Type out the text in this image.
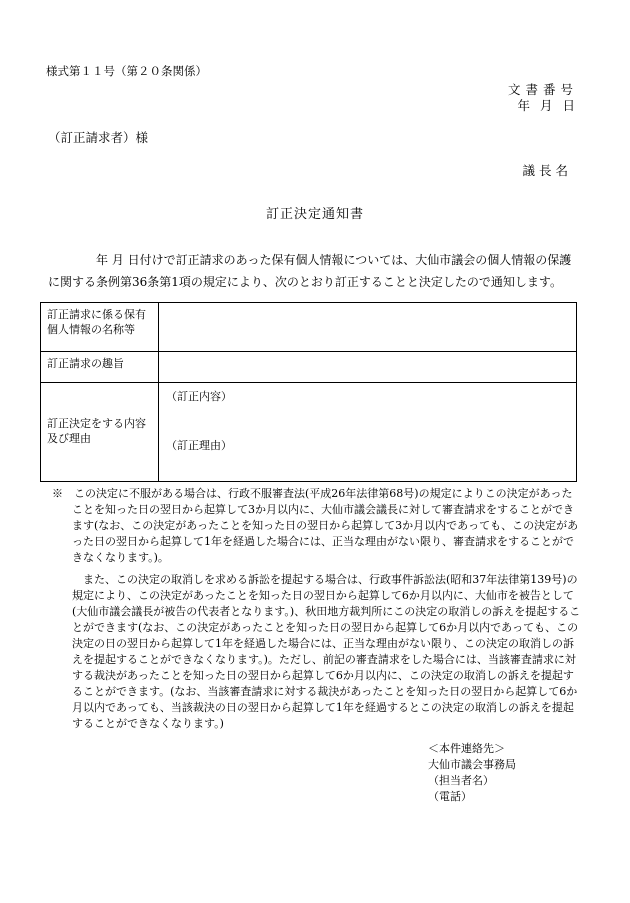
様式第１１号（第２０条関係）
文書番号
年 月 日
（訂正請求者）様
議長名
訂正決定通知書
年 月 日付けで訂正請求のあった保有個人情報については、大仙市議会の個人情報の保護に関する条例第36条第1項の規定により、次のとおり訂正することと決定したので通知します。
訂正請求に係る保有個人情報の名称等	
訂正請求の趣旨	
訂正決定をする内容及び理由	（訂正内容）
（訂正理由）

※　 この決定に不服がある場合は、行政不服審査法(平成26年法律第68号)の規定によりこの決定があったことを知った日の翌日から起算して3か月以内に、大仙市議会議長に対して審査請求をすることができます(なお、この決定があったことを知った日の翌日から起算して3か月以内であっても、この決定があった日の翌日から起算して1年を経過した場合には、正当な理由がない限り、審査請求をすることができなくなります。)。

また、この決定の取消しを求める訴訟を提起する場合は、行政事件訴訟法(昭和37年法律第139号)の規定により、この決定があったことを知った日の翌日から起算して6か月以内に、大仙市を被告として(大仙市議会議長が被告の代表者となります。)、秋田地方裁判所にこの決定の取消しの訴えを提起することができます(なお、この決定があったことを知った日の翌日から起算して6か月以内であっても、この決定の日の翌日から起算して1年を経過した場合には、正当な理由がない限り、この決定の取消しの訴えを提起することができなくなります。)。ただし、前記の審査請求をした場合には、当該審査請求に対する裁決があったことを知った日の翌日から起算して6か月以内に、この決定の取消しの訴えを提起することができます。(なお、当該審査請求に対する裁決があったことを知った日の翌日から起算して6か月以内であっても、当該裁決の日の翌日から起算して1年を経過するとこの決定の取消しの訴えを提起することができなくなります。)

＜本件連絡先＞
大仙市議会事務局
（担当者名）
（電話）
